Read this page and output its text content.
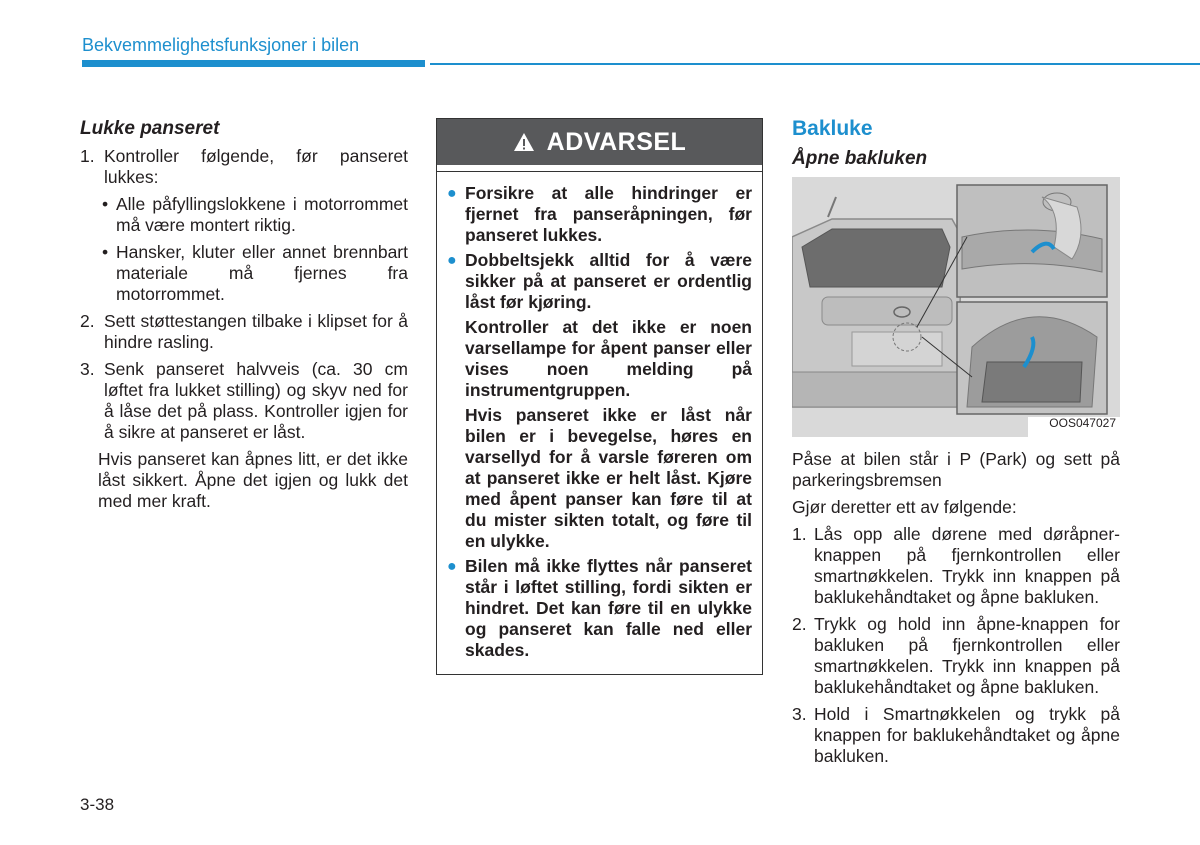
Bekvemmelighetsfunksjoner i bilen
Lukke panseret
1. Kontroller følgende, før panseret lukkes:
• Alle påfyllingslokkene i motorrommet må være montert riktig.
• Hansker, kluter eller annet brennbart materiale må fjernes fra motorrommet.
2. Sett støttestangen tilbake i klipset for å hindre rasling.
3. Senk panseret halvveis (ca. 30 cm løftet fra lukket stilling) og skyv ned for å låse det på plass. Kontroller igjen for å sikre at panseret er låst.
Hvis panseret kan åpnes litt, er det ikke låst sikkert. Åpne det igjen og lukk det med mer kraft.
ADVARSEL
● Forsikre at alle hindringer er fjernet fra panseråpningen, før panseret lukkes.
● Dobbeltsjekk alltid for å være sikker på at panseret er ordentlig låst før kjøring.
Kontroller at det ikke er noen varsellampe for åpent panser eller vises noen melding på instrumentgruppen.
Hvis panseret ikke er låst når bilen er i bevegelse, høres en varsellyd for å varsle føreren om at panseret ikke er helt låst. Kjøre med åpent panser kan føre til at du mister sikten totalt, og føre til en ulykke.
● Bilen må ikke flyttes når panseret står i løftet stilling, fordi sikten er hindret. Det kan føre til en ulykke og panseret kan falle ned eller skades.
Bakluke
Åpne bakluken
OOS047027
Påse at bilen står i P (Park) og sett på parkeringsbremsen
Gjør deretter ett av følgende:
1. Lås opp alle dørene med døråpner-knappen på fjernkontrollen eller smartnøkkelen. Trykk inn knappen på baklukehåndtaket og åpne bakluken.
2. Trykk og hold inn åpne-knappen for bakluken på fjernkontrollen eller smartnøkkelen. Trykk inn knappen på baklukehåndtaket og åpne bakluken.
3. Hold i Smartnøkkelen og trykk på knappen for baklukehåndtaket og åpne bakluken.
3-38
